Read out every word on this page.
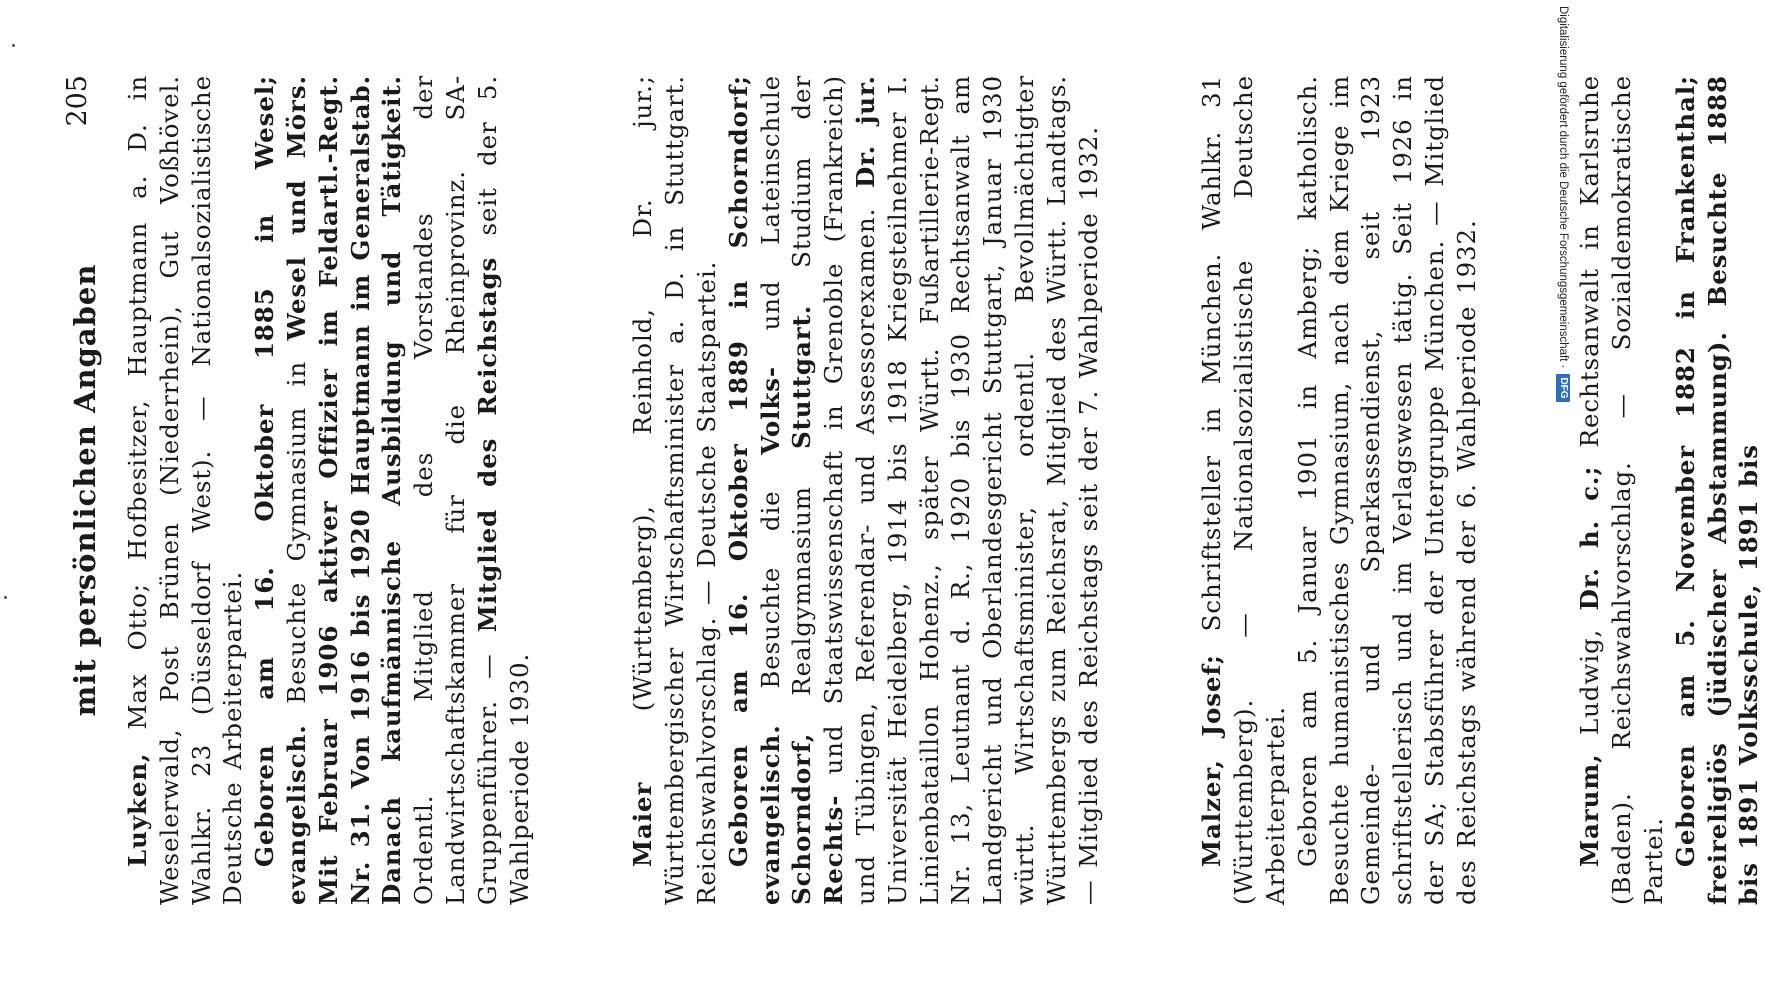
mit persönlichen Angaben
205

Luyken, Max Otto; Hofbesitzer, Hauptmann a. D. in Weselerwald, Post Brünen (Niederrhein), Gut Voßhövel. Wahlkr. 23 (Düsseldorf West). — Nationalsozialistische Deutsche Arbeiterpartei. Geboren am 16. Oktober 1885 in Wesel; evangelisch. Besuchte Gymnasium in Wesel und Mörs. Mit Februar 1906 aktiver Offizier im Feldartl.-Regt. Nr. 31. Von 1916 bis 1920 Hauptmann im Generalstab. Danach kaufmännische Ausbildung und Tätigkeit. Ordentl. Mitglied des Vorstandes der Landwirtschaftskammer für die Rheinprovinz. SA-Gruppenführer. — Mitglied des Reichstags seit der 5. Wahlperiode 1930.	Maier (Württemberg), Reinhold, Dr. jur.; Württembergischer Wirtschaftsminister a. D. in Stuttgart. Reichswahlvorschlag. — Deutsche Staatspartei. Geboren am 16. Oktober 1889 in Schorndorf; evangelisch. Besuchte die Volks- und Lateinschule Schorndorf, Realgymnasium Stuttgart. Studium der Rechts- und Staatswissenschaft in Grenoble (Frankreich) und Tübingen, Referendar- und Assessorexamen. Dr. jur. Universität Heidelberg, 1914 bis 1918 Kriegsteilnehmer I. Linienbataillon Hohenz., später Württ. Fußartillerie-Regt. Nr. 13, Leutnant d. R., 1920 bis 1930 Rechtsanwalt am Landgericht und Oberlandesgericht Stuttgart, Januar 1930 württ. Wirtschaftsminister, ordentl. Bevollmächtigter Württembergs zum Reichsrat, Mitglied des Württ. Landtags. — Mitglied des Reichstags seit der 7. Wahlperiode 1932.	Malzer, Josef; Schriftsteller in München. Wahlkr. 31 (Württemberg). — Nationalsozialistische Deutsche Arbeiterpartei. Geboren am 5. Januar 1901 in Amberg; katholisch. Besuchte humanistisches Gymnasium, nach dem Kriege im Gemeinde- und Sparkassendienst, seit 1923 schriftstellerisch und im Verlagswesen tätig. Seit 1926 in der SA; Stabsführer der Untergruppe München. — Mitglied des Reichstags während der 6. Wahlperiode 1932.	Marum, Ludwig, Dr. h. c.; Rechtsanwalt in Karlsruhe (Baden). Reichswahlvorschlag. — Sozialdemokratische Partei. Geboren am 5. November 1882 in Frankenthal; freireligiös (jüdischer Abstammung). Besuchte 1888 bis 1891 Volksschule, 1891 bis

Digitalisierung gefördert durch die Deutsche Forschungsgemeinschaft ·
DFG
